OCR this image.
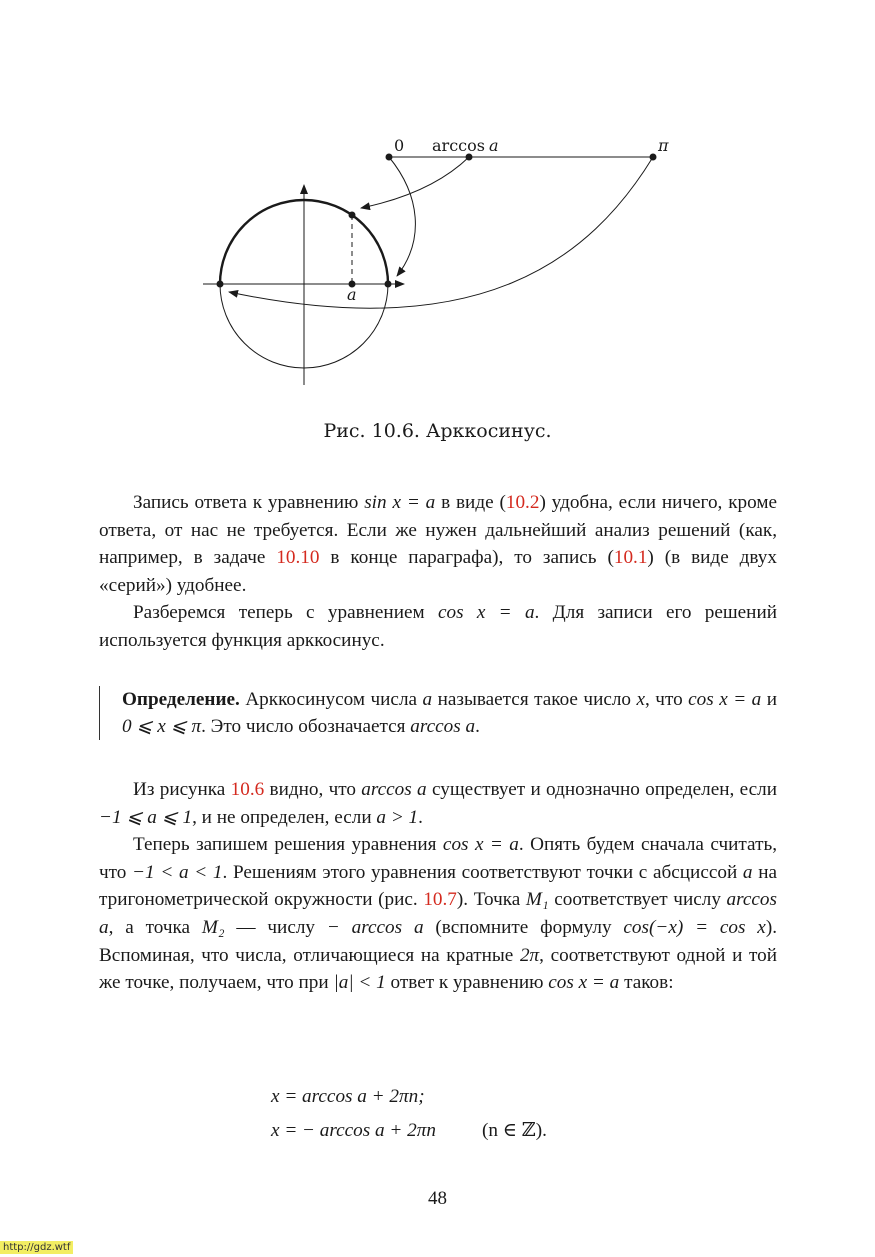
0 arccos a	π
a
Рис. 10.6. Арккосинус.

Запись ответа к уравнению sin x = a в виде (10.2) удобна, если ничего, кроме ответа, от нас не требуется. Если же нужен дальнейший анализ решений (как, например, в задаче 10.10 в конце параграфа), то запись (10.1) (в виде двух «серий») удобнее.

Разберемся теперь с уравнением cos x = a. Для записи его решений используется функция арккосинус.

Определение. Арккосинусом числа a называется такое число x, что cos x = a и 0 ⩽ x ⩽ π. Это число обозначается arccos a.

Из рисунка 10.6 видно, что arccos a существует и однозначно определен, если −1 ⩽ a ⩽ 1, и не определен, если a > 1.

Теперь запишем решения уравнения cos x = a. Опять будем сначала считать, что −1 < a < 1. Решениям этого уравнения соответствуют точки с абсциссой a на тригонометрической окружности (рис. 10.7). Точка M₁ соответствует числу arccos a, а точка M₂ — числу − arccos a (вспомните формулу cos(−x) = cos x). Вспоминая, что числа, отличающиеся на кратные 2π, соответствуют одной и той же точке, получаем, что при |a| < 1 ответ к уравнению cos x = a таков:

x = arccos a + 2πn;
x = − arccos a + 2πn (n ∈ ℤ).
48
http://gdz.wtf
